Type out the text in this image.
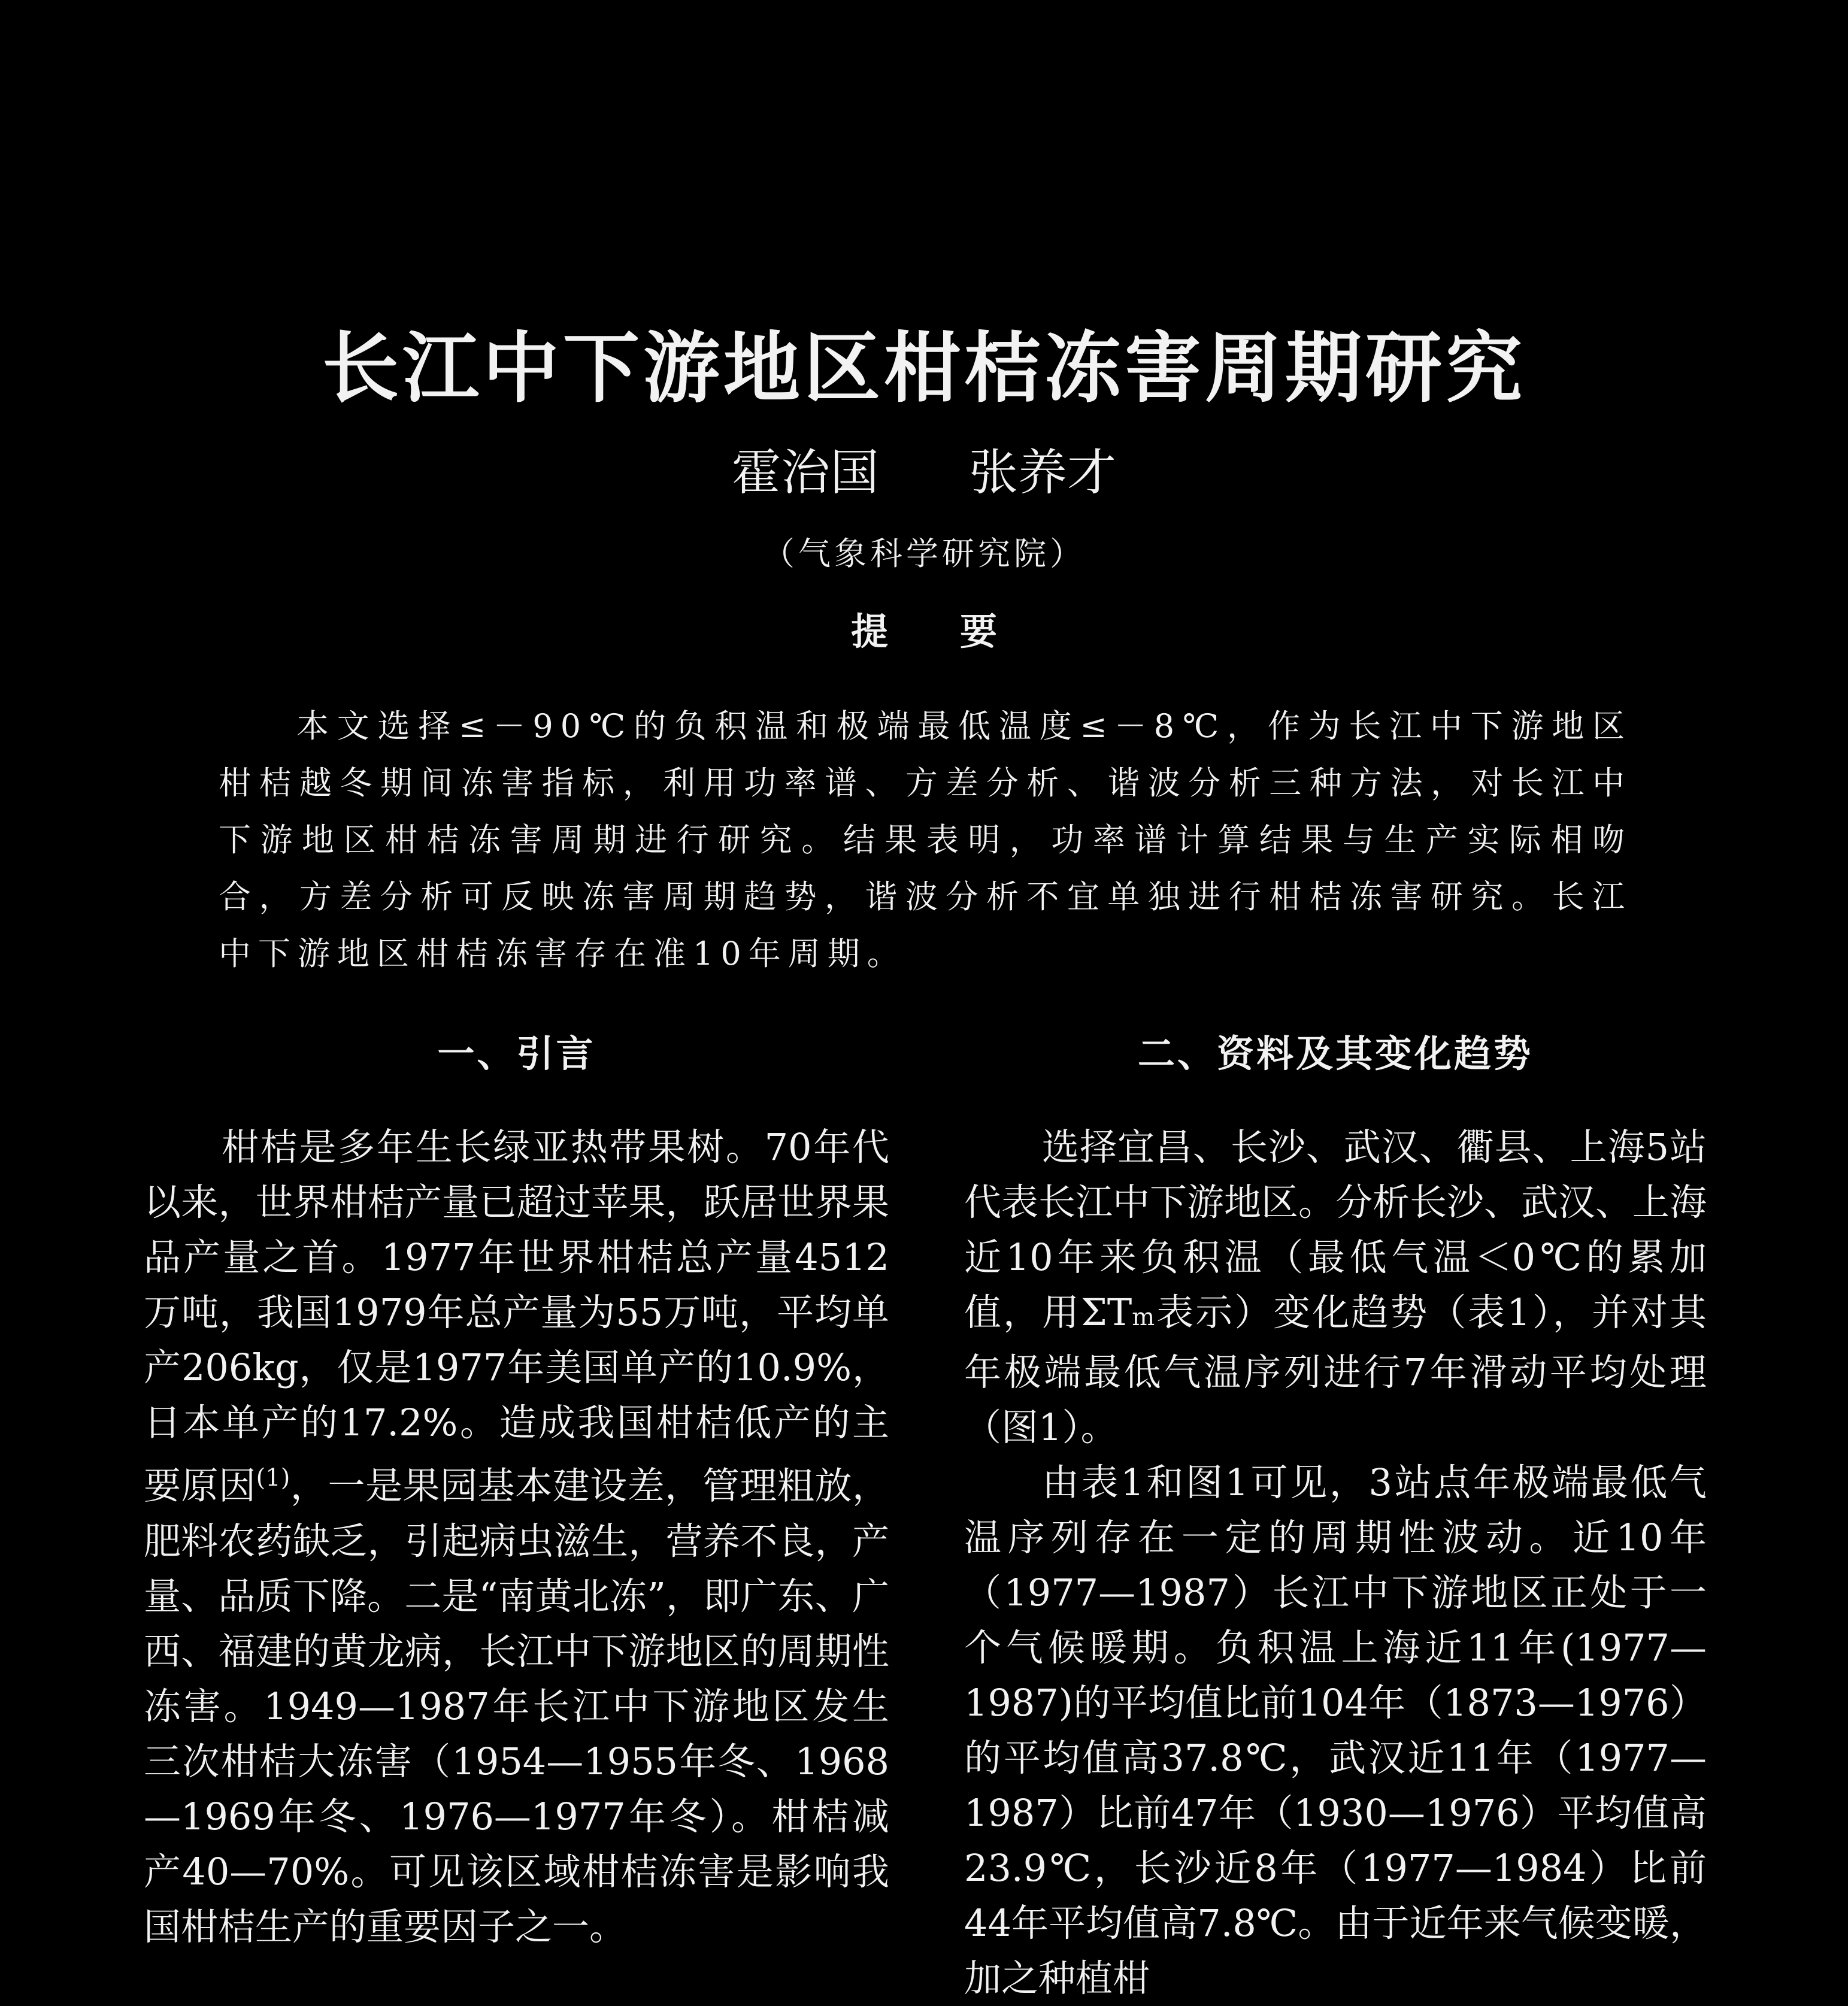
长江中下游地区柑桔冻害周期研究
霍治国 张养才
（气象科学研究院）
提要
本文选择≤－90℃的负积温和极端最低温度≤－8℃，作为长江中下游地区柑桔越冬期间冻害指标，利用功率谱、方差分析、谐波分析三种方法，对长江中下游地区柑桔冻害周期进行研究。结果表明，功率谱计算结果与生产实际相吻合，方差分析可反映冻害周期趋势，谐波分析不宜单独进行柑桔冻害研究。长江中下游地区柑桔冻害存在准10年周期。
一、引言

柑桔是多年生长绿亚热带果树。70年代以来，世界柑桔产量已超过苹果，跃居世界果品产量之首。1977年世界柑桔总产量4512万吨，我国1979年总产量为55万吨，平均单产206kg，仅是1977年美国单产的10.9%，日本单产的17.2%。造成我国柑桔低产的主要原因$^{(1)}$，一是果园基本建设差，管理粗放，肥料农药缺乏，引起病虫滋生，营养不良，产量、品质下降。二是“南黄北冻”，即广东、广西、福建的黄龙病，长江中下游地区的周期性冻害。1949—1987年长江中下游地区发生三次柑桔大冻害（1954—1955年冬、1968—1969年冬、1976—1977年冬）。柑桔减产40—70%。可见该区域柑桔冻害是影响我国柑桔生产的重要因子之一。

二、资料及其变化趋势

选择宜昌、长沙、武汉、衢县、上海5站代表长江中下游地区。分析长沙、武汉、上海近10年来负积温（最低气温＜0℃的累加值，用ΣTm表示）变化趋势（表1），并对其年极端最低气温序列进行7年滑动平均处理（图1）。

由表1和图1可见，3站点年极端最低气温序列存在一定的周期性波动。近10年（1977—1987）长江中下游地区正处于一个气候暖期。负积温上海近11年(1977—1987)的平均值比前104年（1873—1976）的平均值高37.8℃，武汉近11年（1977—1987）比前47年（1930—1976）平均值高23.9℃，长沙近8年（1977—1984）比前44年平均值高7.8℃。由于近年来气候变暖，加之种植柑
